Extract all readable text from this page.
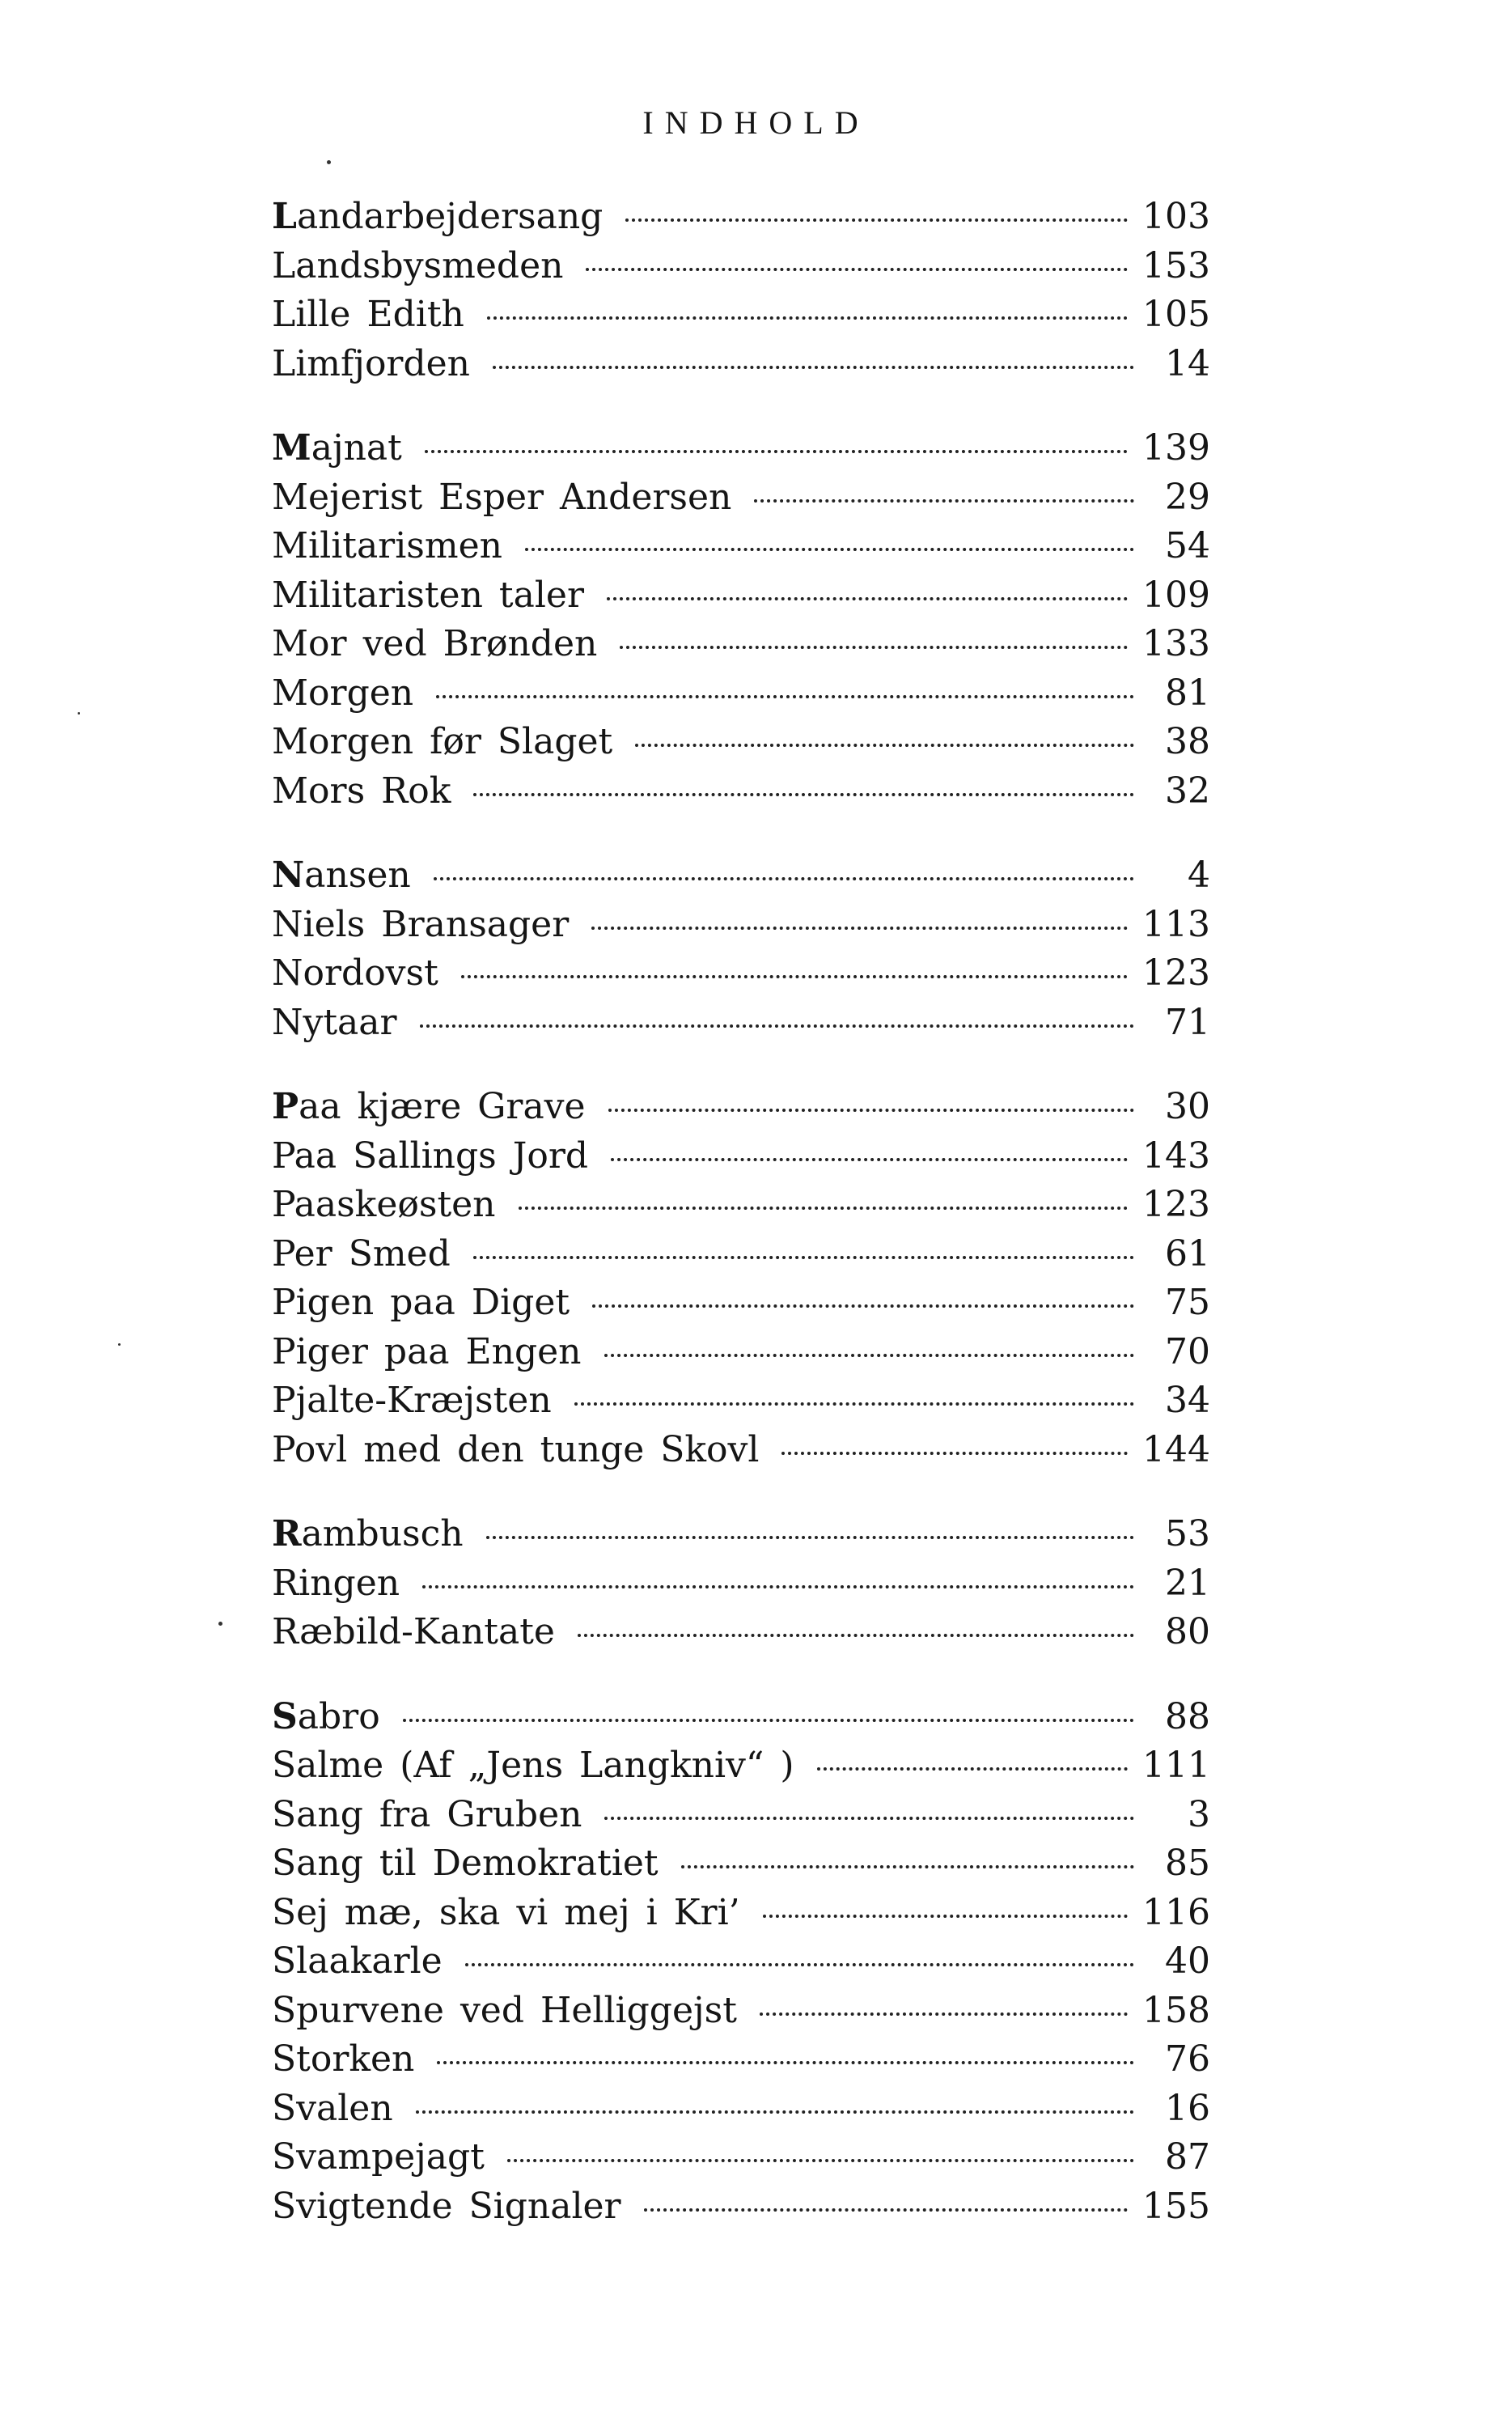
INDHOLD
Landarbejdersang	103
Landsbysmeden	153
Lille Edith	105
Limfjorden	14
Majnat	139
Mejerist Esper Andersen	29
Militarismen	54
Militaristen taler	109
Mor ved Brønden	133
Morgen	81
Morgen før Slaget	38
Mors Rok	32
Nansen	4
Niels Bransager	113
Nordovst	123
Nytaar	71
Paa kjære Grave	30
Paa Sallings Jord	143
Paaskeøsten	123
Per Smed	61
Pigen paa Diget	75
Piger paa Engen	70
Pjalte-Kræjsten	34
Povl med den tunge Skovl	144
Rambusch	53
Ringen	21
Ræbild-Kantate	80
Sabro	88
Salme (Af „Jens Langkniv“ )	111
Sang fra Gruben	3
Sang til Demokratiet	85
Sej mæ, ska vi mej i Kri’	116
Slaakarle	40
Spurvene ved Helliggejst	158
Storken	76
Svalen	16
Svampejagt	87
Svigtende Signaler	155
